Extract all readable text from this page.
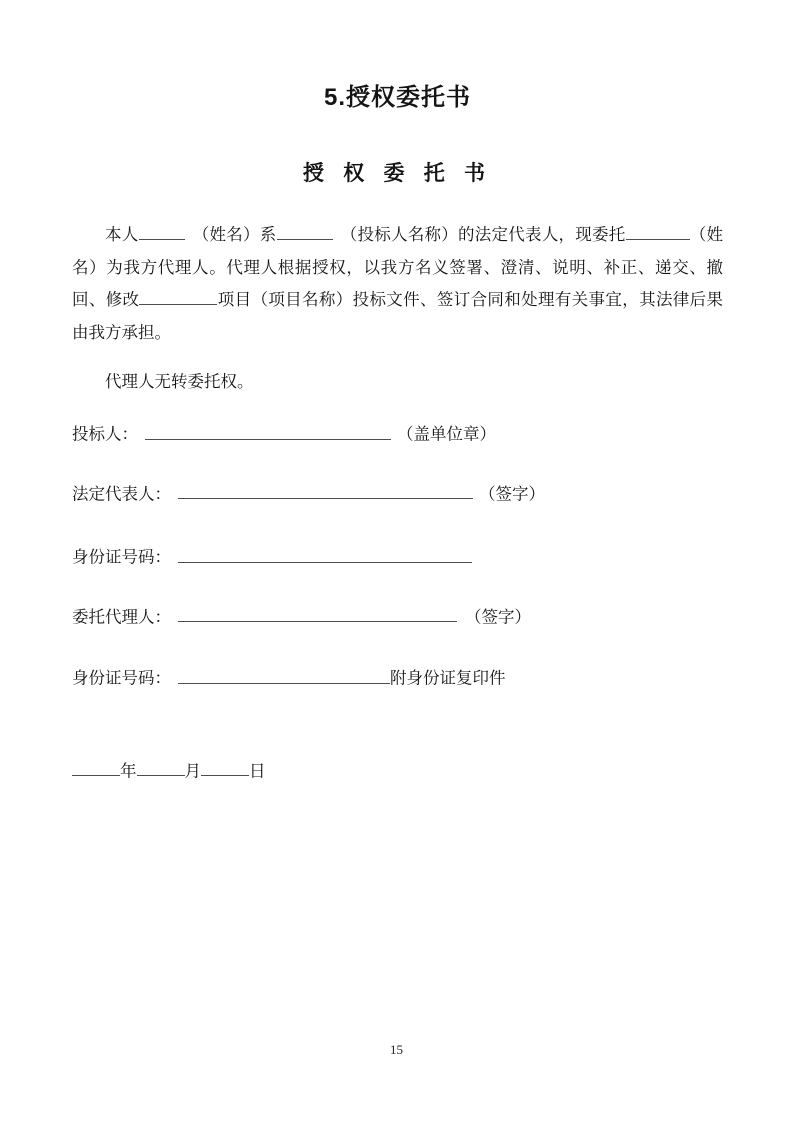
5.授权委托书
授 权 委 托 书

本人	（姓名）系	（投标人名称）的法定代表人，现委托	（姓名）为我方代理人。代理人根据授权，以我方名义签署、澄清、说明、补正、递交、撤回、修改	项目（项目名称）投标文件、签订合同和处理有关事宜，其法律后果由我方承担。

代理人无转委托权。
投标人：	（盖单位章）
法定代表人：	（签字）
身份证号码：
委托代理人：	（签字）
身份证号码：	附身份证复印件
年	月	日
15
